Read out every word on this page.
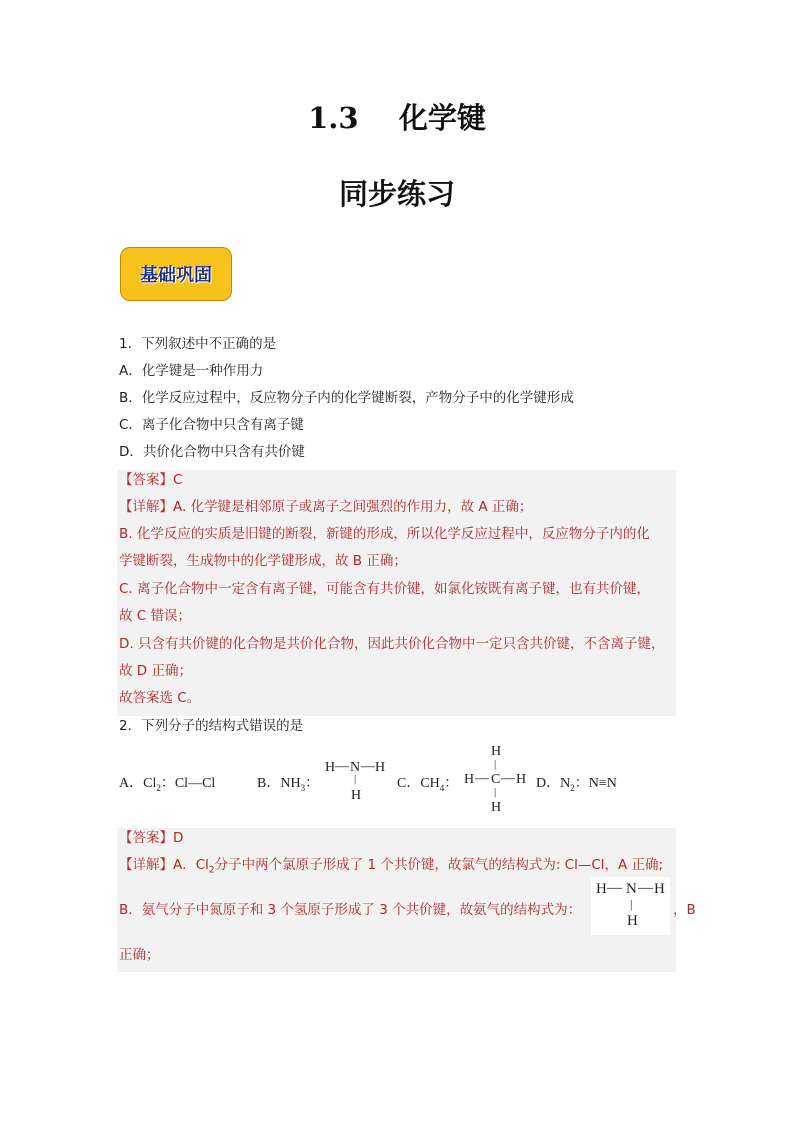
1.3    化学键
同步练习
基础巩固
1．下列叙述中不正确的是
A．化学键是一种作用力
B．化学反应过程中，反应物分子内的化学键断裂，产物分子中的化学键形成
C．离子化合物中只含有离子键
D．共价化合物中只含有共价键
【答案】C
【详解】A. 化学键是相邻原子或离子之间强烈的作用力，故 A 正确；
B. 化学反应的实质是旧键的断裂，新键的形成，所以化学反应过程中，反应物分子内的化
学键断裂，生成物中的化学键形成，故 B 正确；
C. 离子化合物中一定含有离子键，可能含有共价键，如氯化铵既有离子键，也有共价键，
故 C 错误；
D. 只含有共价键的化合物是共价化合物，因此共价化合物中一定只含共价键，不含离子键，
故 D 正确；
故答案选 C。
2．下列分子的结构式错误的是
A．$Cl_2$：Cl—Cl	B．$NH_3$：
H — N — H
|
H
C．$CH_4$：
H
|
H — C — H
|
H
D．$N_2$：N≡N
【答案】D
【详解】A．$Cl_2$分子中两个氯原子形成了 1 个共价键，故氯气的结构式为: Cl—Cl，A 正确;
B．氨气分子中氮原子和 3 个氢原子形成了 3 个共价键，故氨气的结构式为：
H — N — H
|
H
，B
正确；
